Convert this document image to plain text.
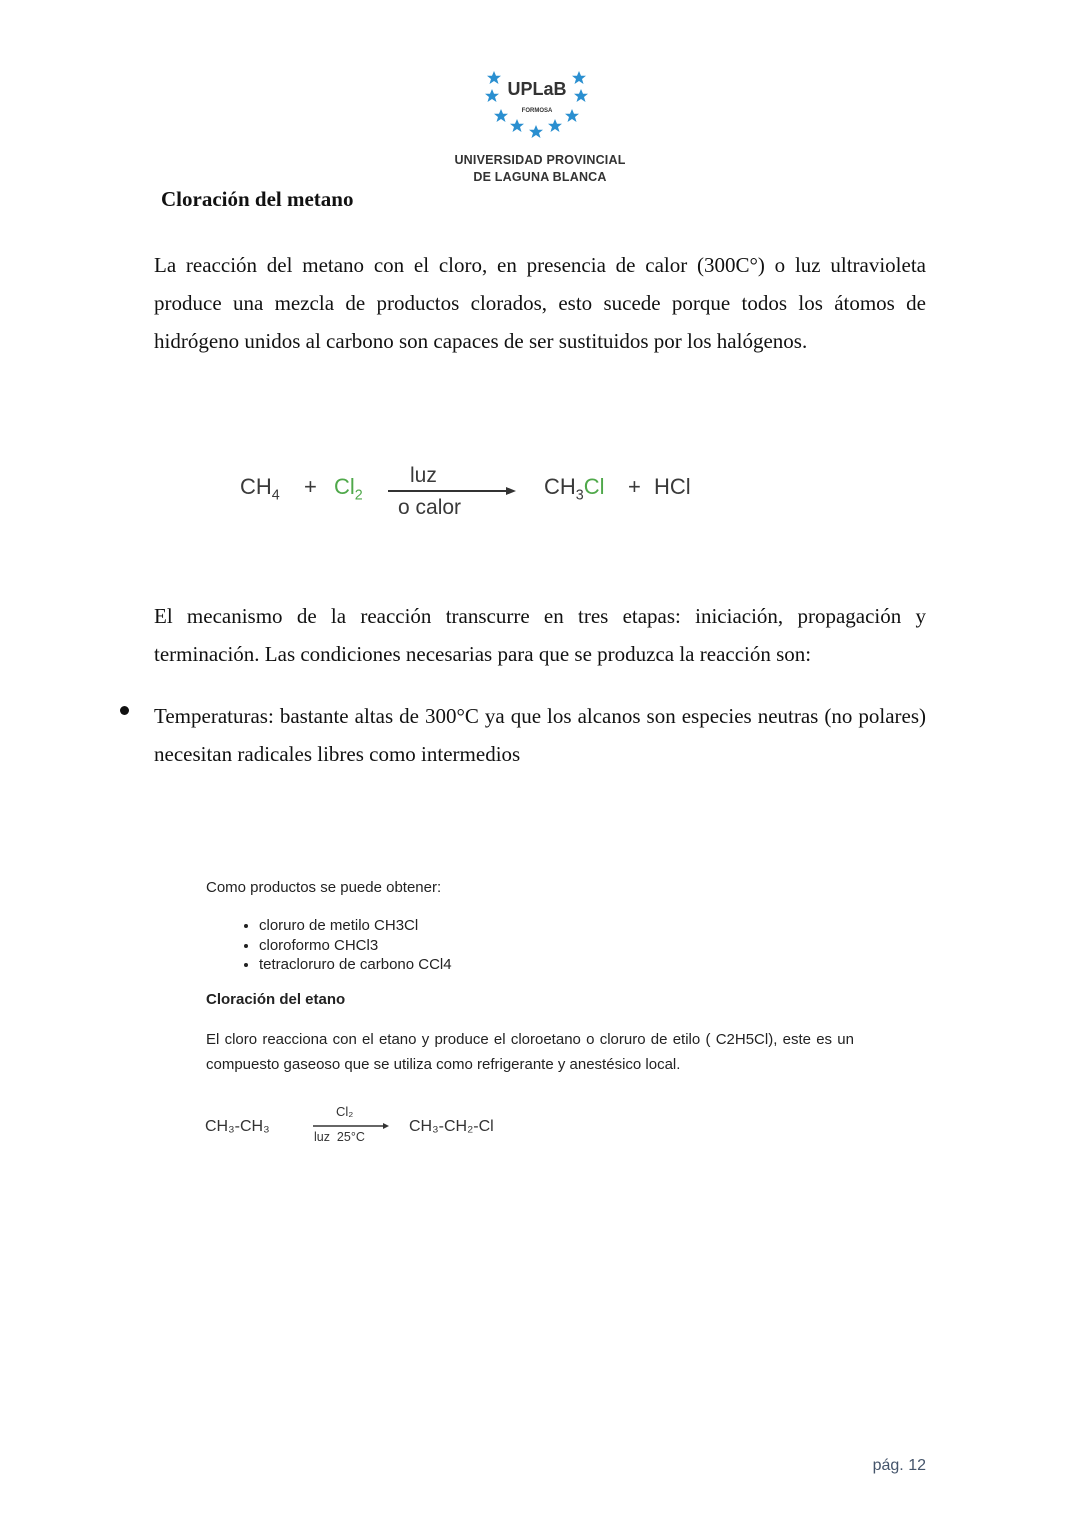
UPLaB
FORMOSA
UNIVERSIDAD PROVINCIAL
DE LAGUNA BLANCA
Cloración del metano
La reacción del metano con el cloro, en presencia de calor (300C°) o luz ultravioleta produce una mezcla de productos clorados, esto sucede porque todos los átomos de hidrógeno unidos al carbono son capaces de ser sustituidos por los halógenos.
$CH_4 + Cl_2$
luz
o calor
$CH_3Cl$ + HCl
El mecanismo de la reacción transcurre en tres etapas: iniciación, propagación y terminación. Las condiciones necesarias para que se produzca la reacción son:
Temperaturas: bastante altas de 300°C ya que los alcanos son especies neutras (no polares) necesitan radicales libres como intermedios
Como productos se puede obtener:
• cloruro de metilo CH3Cl
• cloroformo CHCl3
• tetracloruro de carbono CCl4
Cloración del etano
El cloro reacciona con el etano y produce el cloroetano o cloruro de etilo ( C2H5Cl), este es un compuesto gaseoso que se utiliza como refrigerante y anestésico local.
CH₃-CH₃
Cl₂
luz  25°C
CH₃-CH₂-Cl
pág. 12
